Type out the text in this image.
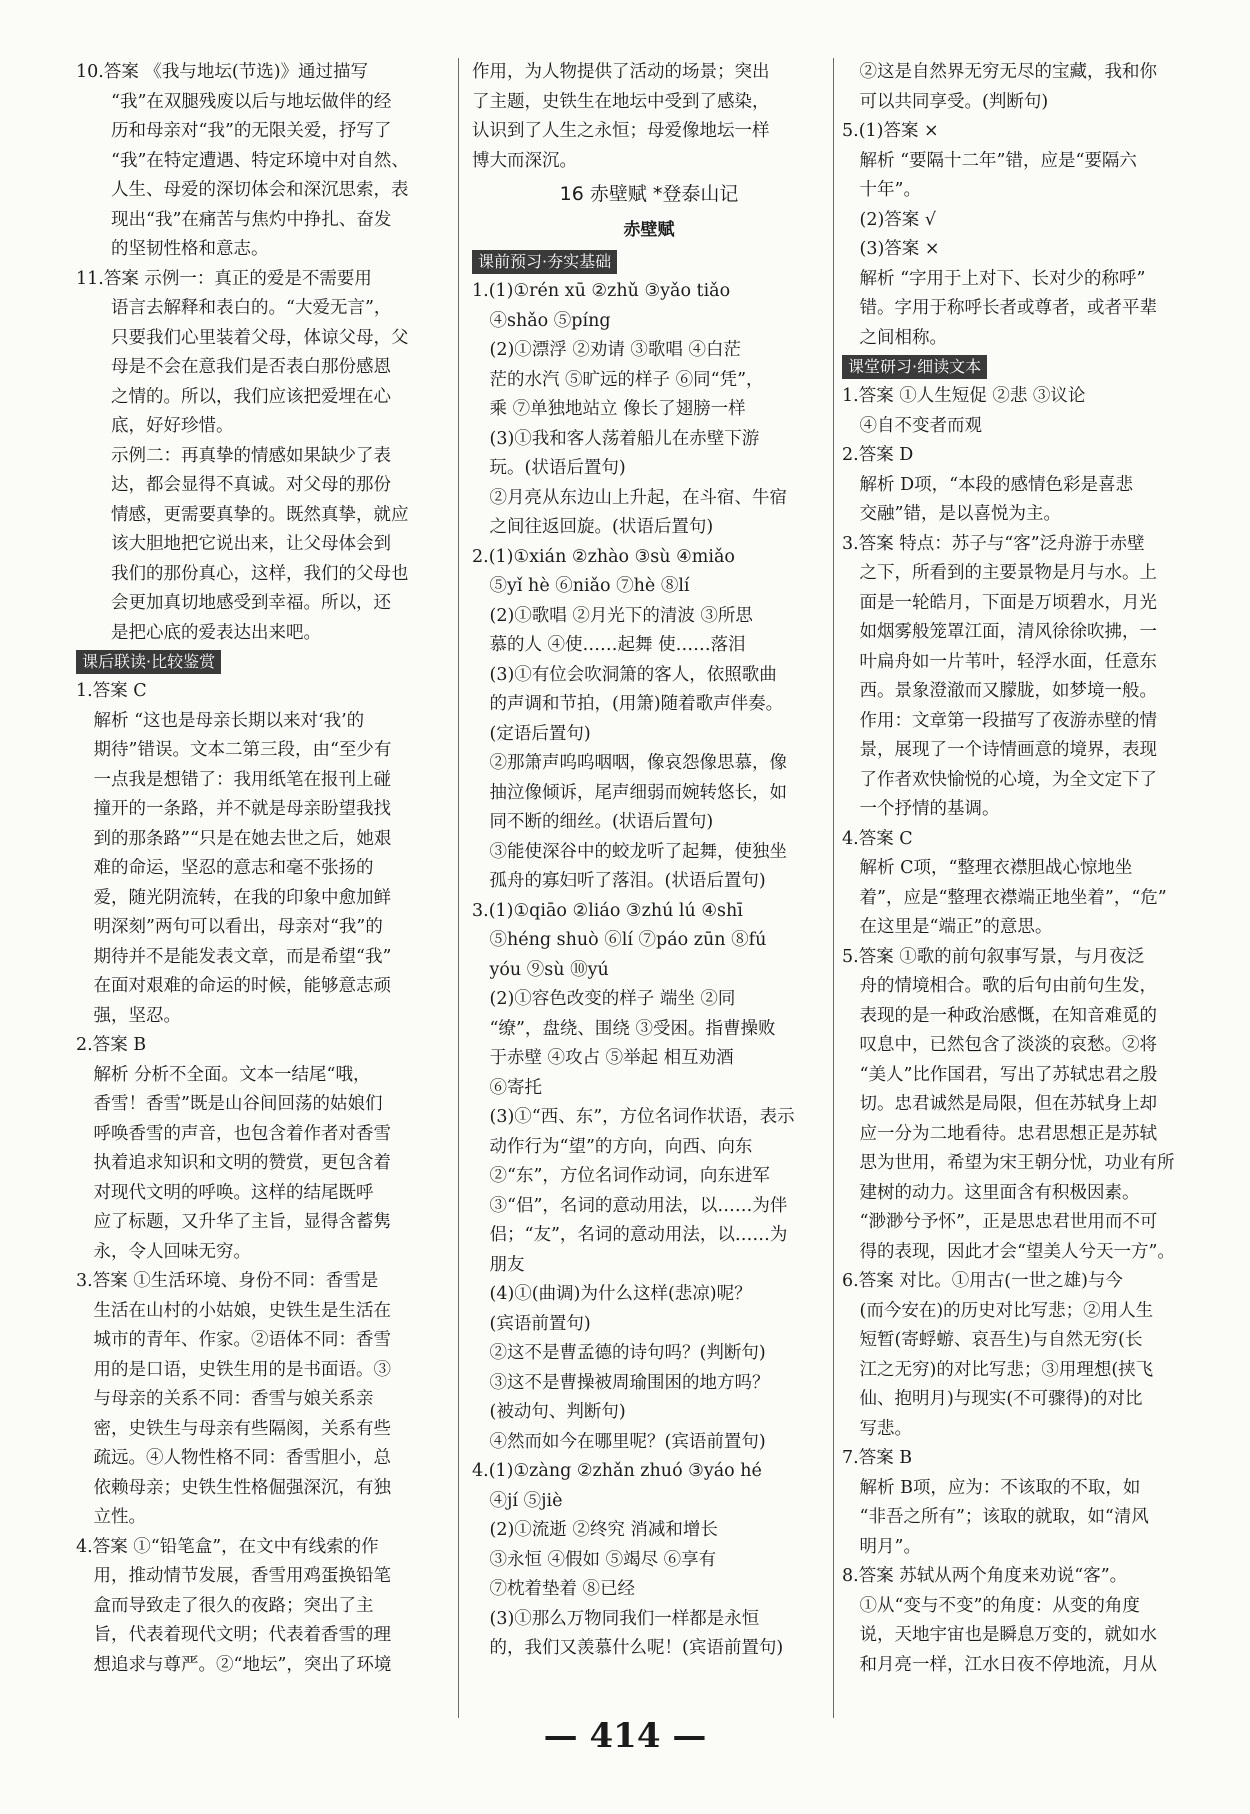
10.答案 《我与地坛(节选)》通过描写
　　“我”在双腿残废以后与地坛做伴的经
　　历和母亲对“我”的无限关爱，抒写了
　　“我”在特定遭遇、特定环境中对自然、
　　人生、母爱的深切体会和深沉思索，表
　　现出“我”在痛苦与焦灼中挣扎、奋发
　　的坚韧性格和意志。
11.答案 示例一：真正的爱是不需要用
　　语言去解释和表白的。“大爱无言”，
　　只要我们心里装着父母，体谅父母，父
　　母是不会在意我们是否表白那份感恩
　　之情的。所以，我们应该把爱埋在心
　　底，好好珍惜。
　　示例二：再真挚的情感如果缺少了表
　　达，都会显得不真诚。对父母的那份
　　情感，更需要真挚的。既然真挚，就应
　　该大胆地把它说出来，让父母体会到
　　我们的那份真心，这样，我们的父母也
　　会更加真切地感受到幸福。所以，还
　　是把心底的爱表达出来吧。
课后联读·比较鉴赏
1.答案 C
　解析 “这也是母亲长期以来对‘我’的
　期待”错误。文本二第三段，由“至少有
　一点我是想错了：我用纸笔在报刊上碰
　撞开的一条路，并不就是母亲盼望我找
　到的那条路”“只是在她去世之后，她艰
　难的命运，坚忍的意志和毫不张扬的
　爱，随光阴流转，在我的印象中愈加鲜
　明深刻”两句可以看出，母亲对“我”的
　期待并不是能发表文章，而是希望“我”
　在面对艰难的命运的时候，能够意志顽
　强，坚忍。
2.答案 B
　解析 分析不全面。文本一结尾“哦，
　香雪！香雪”既是山谷间回荡的姑娘们
　呼唤香雪的声音，也包含着作者对香雪
　执着追求知识和文明的赞赏，更包含着
　对现代文明的呼唤。这样的结尾既呼
　应了标题，又升华了主旨，显得含蓄隽
　永，令人回味无穷。
3.答案 ①生活环境、身份不同：香雪是
　生活在山村的小姑娘，史铁生是生活在
　城市的青年、作家。②语体不同：香雪
　用的是口语，史铁生用的是书面语。③
　与母亲的关系不同：香雪与娘关系亲
　密，史铁生与母亲有些隔阂，关系有些
　疏远。④人物性格不同：香雪胆小，总
　依赖母亲；史铁生性格倔强深沉，有独
　立性。
4.答案 ①“铅笔盒”，在文中有线索的作
　用，推动情节发展，香雪用鸡蛋换铅笔
　盒而导致走了很久的夜路；突出了主
　旨，代表着现代文明；代表着香雪的理
　想追求与尊严。②“地坛”，突出了环境
作用，为人物提供了活动的场景；突出
了主题，史铁生在地坛中受到了感染，
认识到了人生之永恒；母爱像地坛一样
博大而深沉。
16 赤壁赋 *登泰山记
赤壁赋
课前预习·夯实基础
1.(1)①rén xū ②zhǔ ③yǎo tiǎo
　④shǎo ⑤píng
　(2)①漂浮 ②劝请 ③歌唱 ④白茫
　茫的水汽 ⑤旷远的样子 ⑥同“凭”，
　乘 ⑦单独地站立 像长了翅膀一样
　(3)①我和客人荡着船儿在赤壁下游
　玩。(状语后置句)
　②月亮从东边山上升起，在斗宿、牛宿
　之间往返回旋。(状语后置句)
2.(1)①xián ②zhào ③sù ④miǎo
　⑤yǐ hè ⑥niǎo ⑦hè ⑧lí
　(2)①歌唱 ②月光下的清波 ③所思
　慕的人 ④使……起舞 使……落泪
　(3)①有位会吹洞箫的客人，依照歌曲
　的声调和节拍，(用箫)随着歌声伴奏。
　(定语后置句)
　②那箫声呜呜咽咽，像哀怨像思慕，像
　抽泣像倾诉，尾声细弱而婉转悠长，如
　同不断的细丝。(状语后置句)
　③能使深谷中的蛟龙听了起舞，使独坐
　孤舟的寡妇听了落泪。(状语后置句)
3.(1)①qiāo ②liáo ③zhú lú ④shī
　⑤héng shuò ⑥lí ⑦páo zūn ⑧fú
　yóu ⑨sù ⑩yú
　(2)①容色改变的样子 端坐 ②同
　“缭”，盘绕、围绕 ③受困。指曹操败
　于赤壁 ④攻占 ⑤举起 相互劝酒
　⑥寄托
　(3)①“西、东”，方位名词作状语，表示
　动作行为“望”的方向，向西、向东
　②“东”，方位名词作动词，向东进军
　③“侣”，名词的意动用法，以……为伴
　侣；“友”，名词的意动用法，以……为
　朋友
　(4)①(曲调)为什么这样(悲凉)呢？
　(宾语前置句)
　②这不是曹孟德的诗句吗？(判断句)
　③这不是曹操被周瑜围困的地方吗？
　(被动句、判断句)
　④然而如今在哪里呢？(宾语前置句)
4.(1)①zàng ②zhǎn zhuó ③yáo hé
　④jí ⑤jiè
　(2)①流逝 ②终究 消减和增长
　③永恒 ④假如 ⑤竭尽 ⑥享有
　⑦枕着垫着 ⑧已经
　(3)①那么万物同我们一样都是永恒
　的，我们又羡慕什么呢！(宾语前置句)
　②这是自然界无穷无尽的宝藏，我和你
　可以共同享受。(判断句)
5.(1)答案 ×
　解析 “要隔十二年”错，应是“要隔六
　十年”。
　(2)答案 √
　(3)答案 ×
　解析 “字用于上对下、长对少的称呼”
　错。字用于称呼长者或尊者，或者平辈
　之间相称。
课堂研习·细读文本
1.答案 ①人生短促 ②悲 ③议论
　④自不变者而观
2.答案 D
　解析 D项，“本段的感情色彩是喜悲
　交融”错，是以喜悦为主。
3.答案 特点：苏子与“客”泛舟游于赤壁
　之下，所看到的主要景物是月与水。上
　面是一轮皓月，下面是万顷碧水，月光
　如烟雾般笼罩江面，清风徐徐吹拂，一
　叶扁舟如一片苇叶，轻浮水面，任意东
　西。景象澄澈而又朦胧，如梦境一般。
　作用：文章第一段描写了夜游赤壁的情
　景，展现了一个诗情画意的境界，表现
　了作者欢快愉悦的心境，为全文定下了
　一个抒情的基调。
4.答案 C
　解析 C项，“整理衣襟胆战心惊地坐
　着”，应是“整理衣襟端正地坐着”，“危”
　在这里是“端正”的意思。
5.答案 ①歌的前句叙事写景，与月夜泛
　舟的情境相合。歌的后句由前句生发，
　表现的是一种政治感慨，在知音难觅的
　叹息中，已然包含了淡淡的哀愁。②将
　“美人”比作国君，写出了苏轼忠君之殷
　切。忠君诚然是局限，但在苏轼身上却
　应一分为二地看待。忠君思想正是苏轼
　思为世用，希望为宋王朝分忧，功业有所
　建树的动力。这里面含有积极因素。
　“渺渺兮予怀”，正是思忠君世用而不可
　得的表现，因此才会“望美人兮天一方”。
6.答案 对比。①用古(一世之雄)与今
　(而今安在)的历史对比写悲；②用人生
　短暂(寄蜉蝣、哀吾生)与自然无穷(长
　江之无穷)的对比写悲；③用理想(挟飞
　仙、抱明月)与现实(不可骤得)的对比
　写悲。
7.答案 B
　解析 B项，应为：不该取的不取，如
　“非吾之所有”；该取的就取，如“清风
　明月”。
8.答案 苏轼从两个角度来劝说“客”。
　①从“变与不变”的角度：从变的角度
　说，天地宇宙也是瞬息万变的，就如水
　和月亮一样，江水日夜不停地流，月从
— 414 —
